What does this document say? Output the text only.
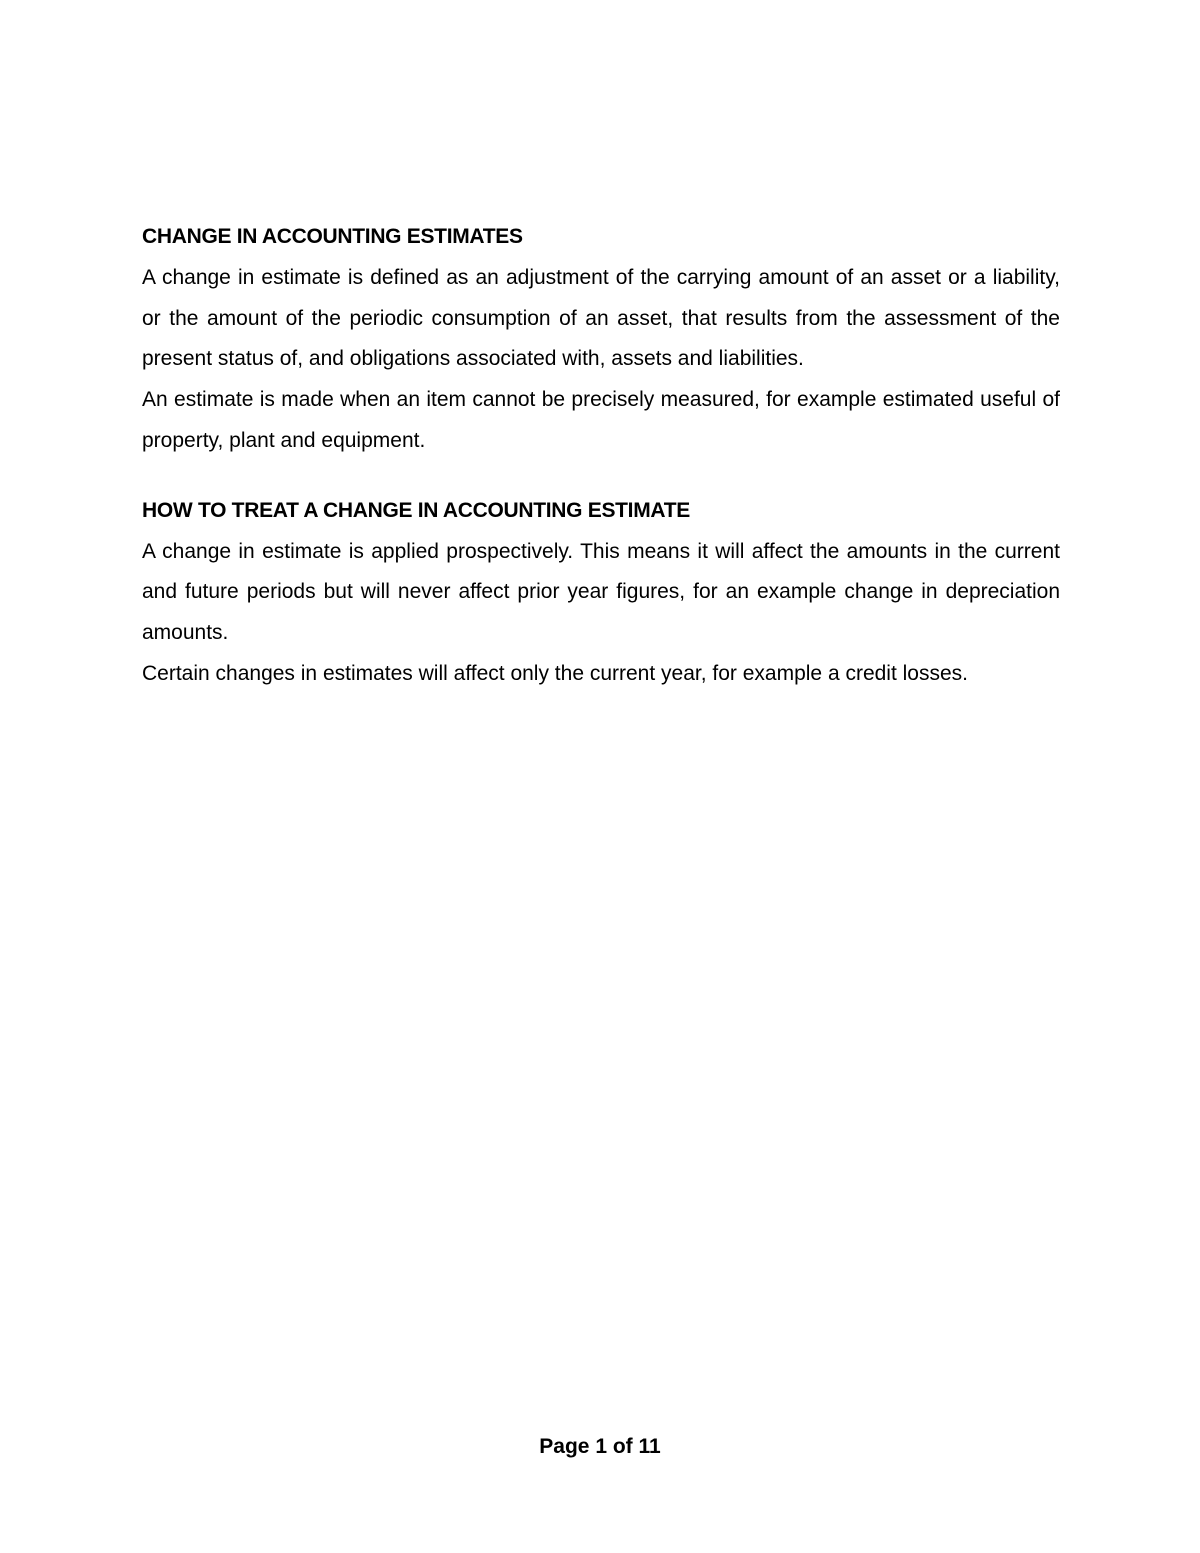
CHANGE IN ACCOUNTING ESTIMATES

A change in estimate is defined as an adjustment of the carrying amount of an asset or a liability, or the amount of the periodic consumption of an asset, that results from the assessment of the present status of, and obligations associated with, assets and liabilities.

An estimate is made when an item cannot be precisely measured, for example estimated useful of property, plant and equipment.

HOW TO TREAT A CHANGE IN ACCOUNTING ESTIMATE

A change in estimate is applied prospectively. This means it will affect the amounts in the current and future periods but will never affect prior year figures, for an example change in depreciation amounts.

Certain changes in estimates will affect only the current year, for example a credit losses.

Page 1 of 11
